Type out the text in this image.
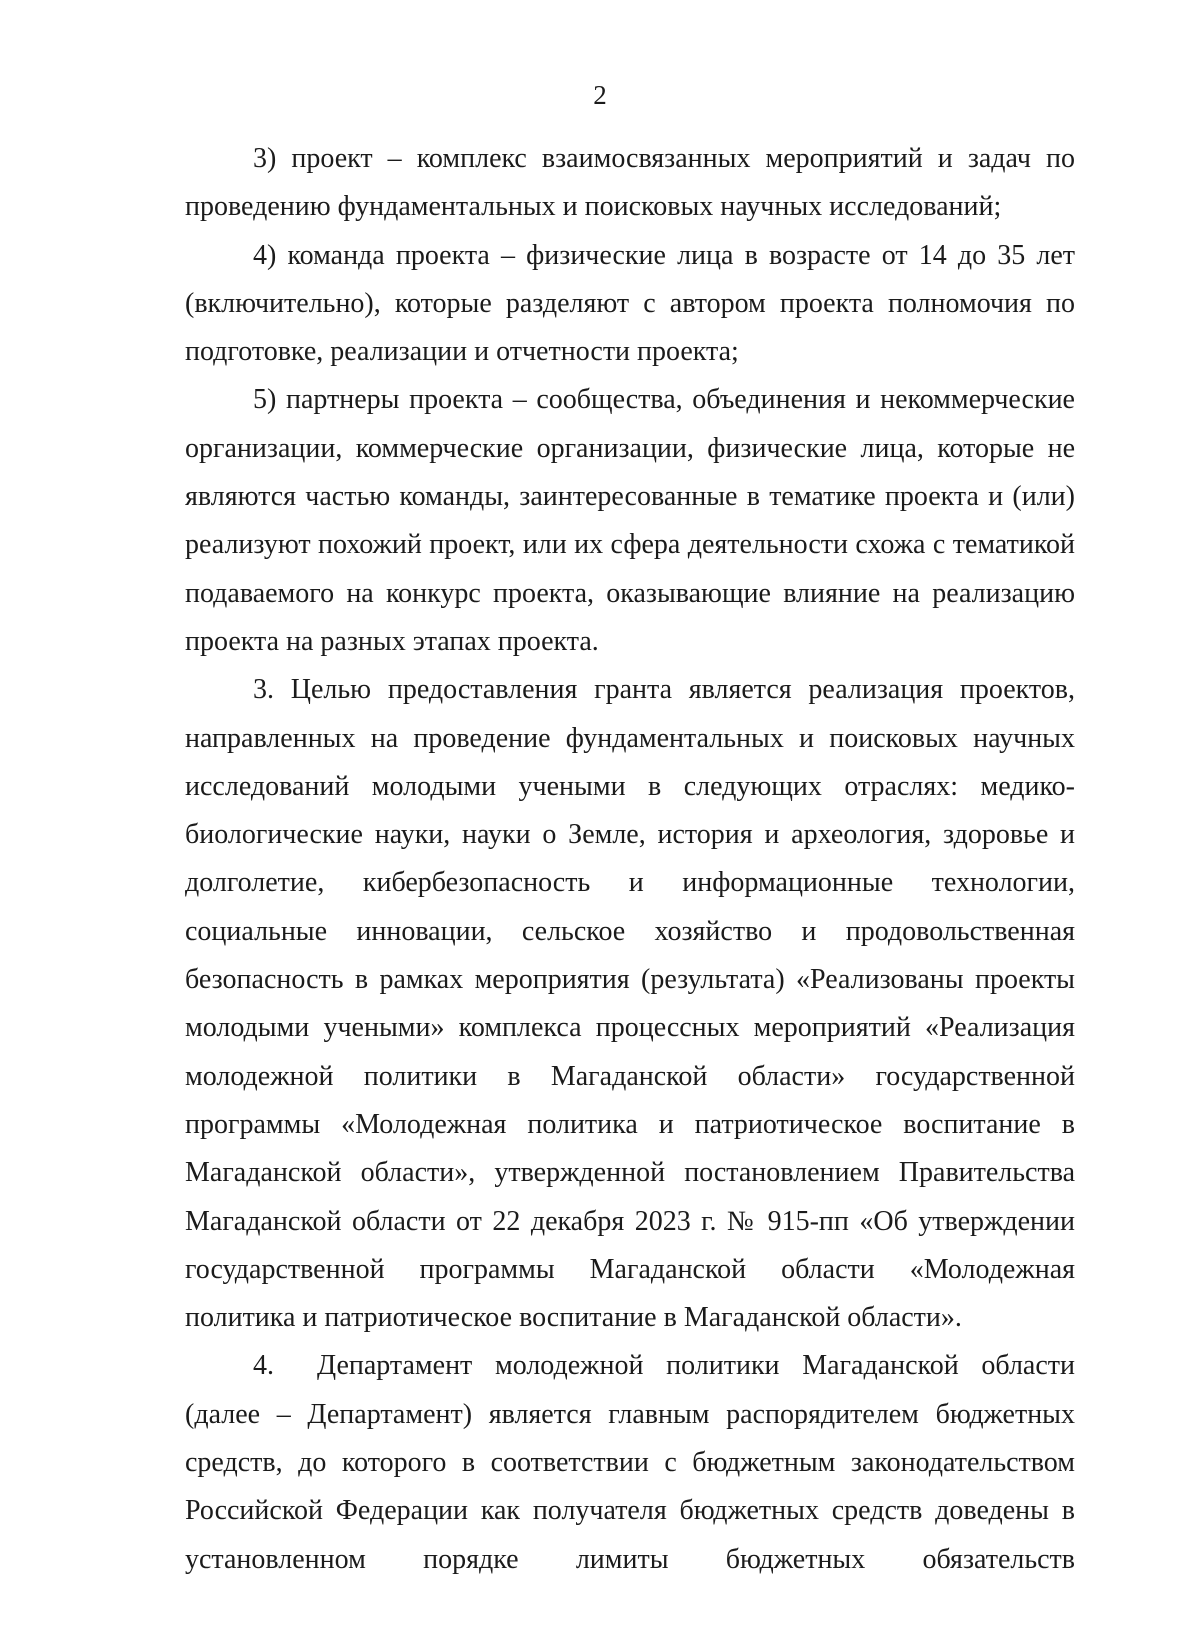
2

3) проект – комплекс взаимосвязанных мероприятий и задач по проведению фундаментальных и поисковых научных исследований;

4) команда проекта – физические лица в возрасте от 14 до 35 лет (включительно), которые разделяют с автором проекта полномочия по подготовке, реализации и отчетности проекта;

5) партнеры проекта – сообщества, объединения и некоммерческие организации, коммерческие организации, физические лица, которые не являются частью команды, заинтересованные в тематике проекта и (или) реализуют похожий проект, или их сфера деятельности схожа с тематикой подаваемого на конкурс проекта, оказывающие влияние на реализацию проекта на разных этапах проекта.

3. Целью предоставления гранта является реализация проектов, направленных на проведение фундаментальных и поисковых научных исследований молодыми учеными в следующих отраслях: медико-биологические науки, науки о Земле, история и археология, здоровье и долголетие, кибербезопасность и информационные технологии, социальные инновации, сельское хозяйство и продовольственная безопасность в рамках мероприятия (результата) «Реализованы проекты молодыми учеными» комплекса процессных мероприятий «Реализация молодежной политики в Магаданской области» государственной программы «Молодежная политика и патриотическое воспитание в Магаданской области», утвержденной постановлением Правительства Магаданской области от 22 декабря 2023 г. № 915-пп «Об утверждении государственной программы Магаданской области «Молодежная политика и патриотическое воспитание в Магаданской области».

4. Департамент молодежной политики Магаданской области (далее – Департамент) является главным распорядителем бюджетных средств, до которого в соответствии с бюджетным законодательством Российской Федерации как получателя бюджетных средств доведены в установленном порядке лимиты бюджетных обязательств
